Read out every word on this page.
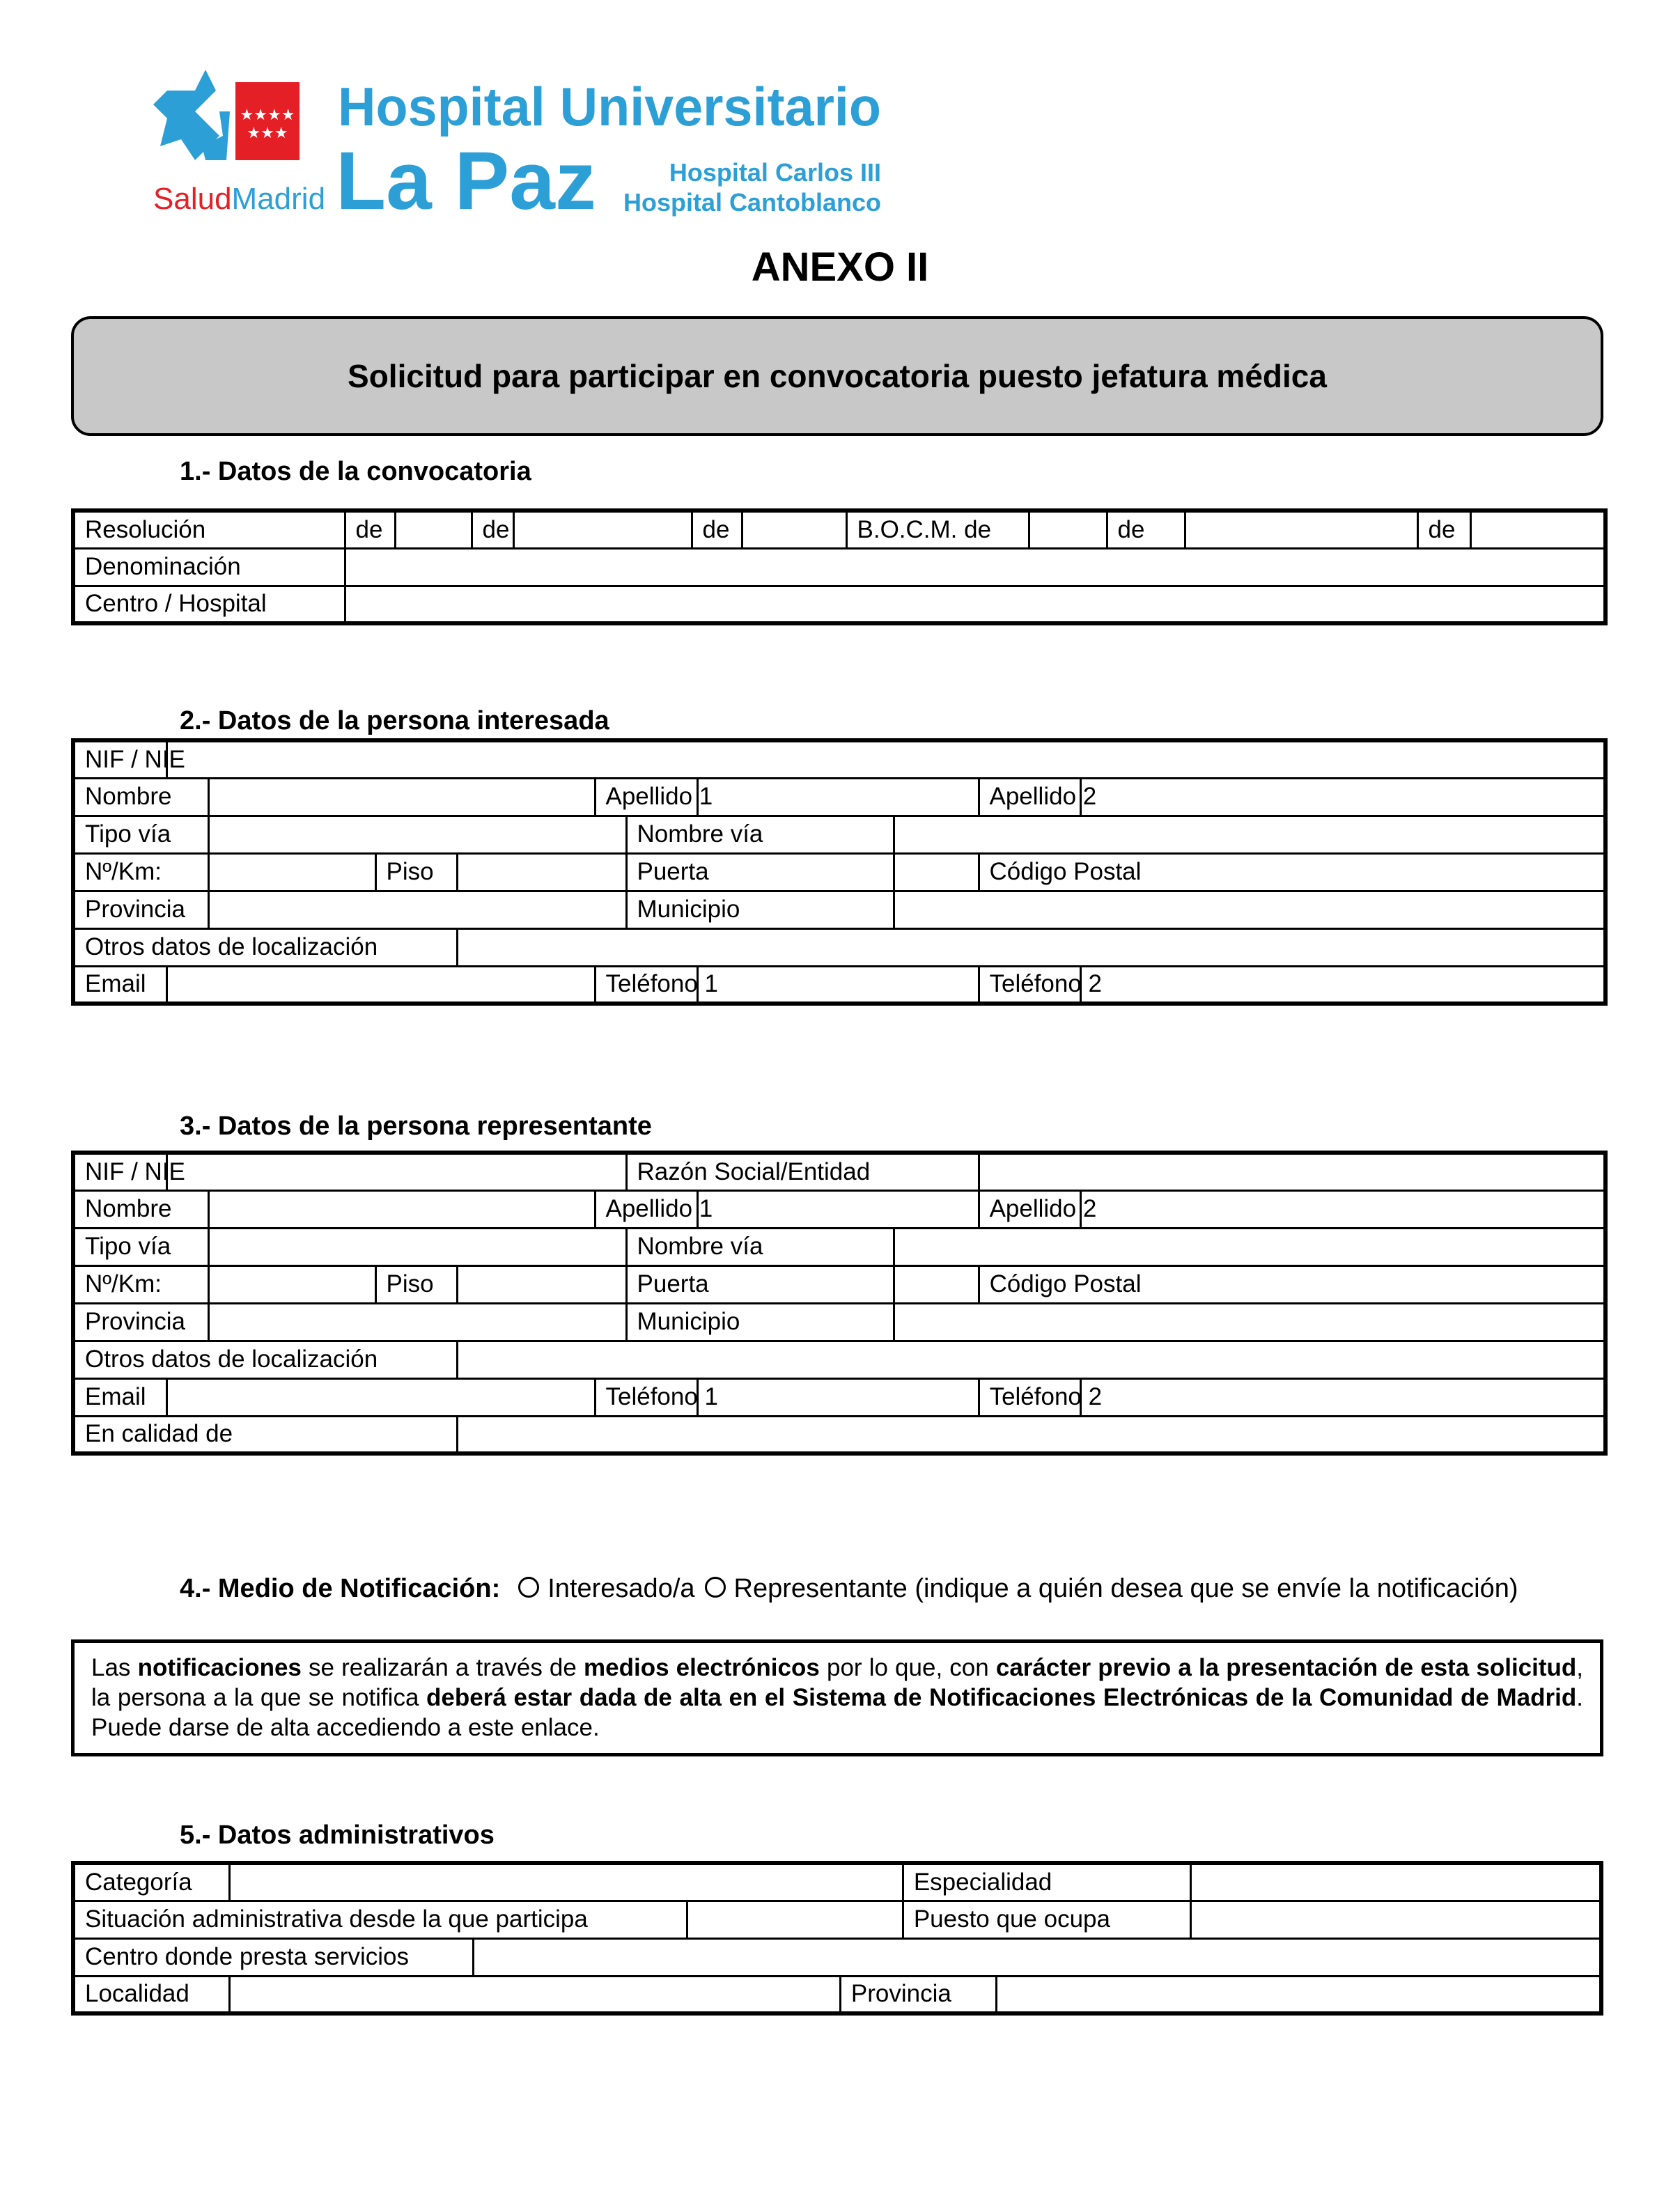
★★★★
★★★
SaludMadrid
Hospital Universitario
La Paz	Hospital Carlos III
Hospital Cantoblanco
ANEXO II
Solicitud para participar en convocatoria puesto jefatura médica
1.- Datos de la convocatoria
Resolución	de		de		de		B.O.C.M. de		de		de	
Denominación												
Centro / Hospital												
2.- Datos de la persona interesada
NIF / NIE											
Nombre					Apellido 1				Apellido 2		
Tipo vía						Nombre vía					
Nº/Km:			Piso			Puerta			Código Postal		
Provincia						Municipio					
Otros datos de localización											
Email					Teléfono 1				Teléfono 2		
3.- Datos de la persona representante
NIF / NIE						Razón Social/Entidad					
Nombre					Apellido 1				Apellido 2		
Tipo vía						Nombre vía					
Nº/Km:			Piso			Puerta			Código Postal		
Provincia						Municipio					
Otros datos de localización											
Email					Teléfono 1				Teléfono 2		
En calidad de											
4.- Medio de Notificación: Interesado/a Representante (indique a quién desea que se envíe la notificación)
Las notificaciones se realizarán a través de medios electrónicos por lo que, con carácter previo a la presentación de esta solicitud, la persona a la que se notifica deberá estar dada de alta en el Sistema de Notificaciones Electrónicas de la Comunidad de Madrid. Puede darse de alta accediendo a este enlace.
5.- Datos administrativos
Categoría					Especialidad		
Situación administrativa desde la que participa					Puesto que ocupa		
Centro donde presta servicios							
Localidad				Provincia			
